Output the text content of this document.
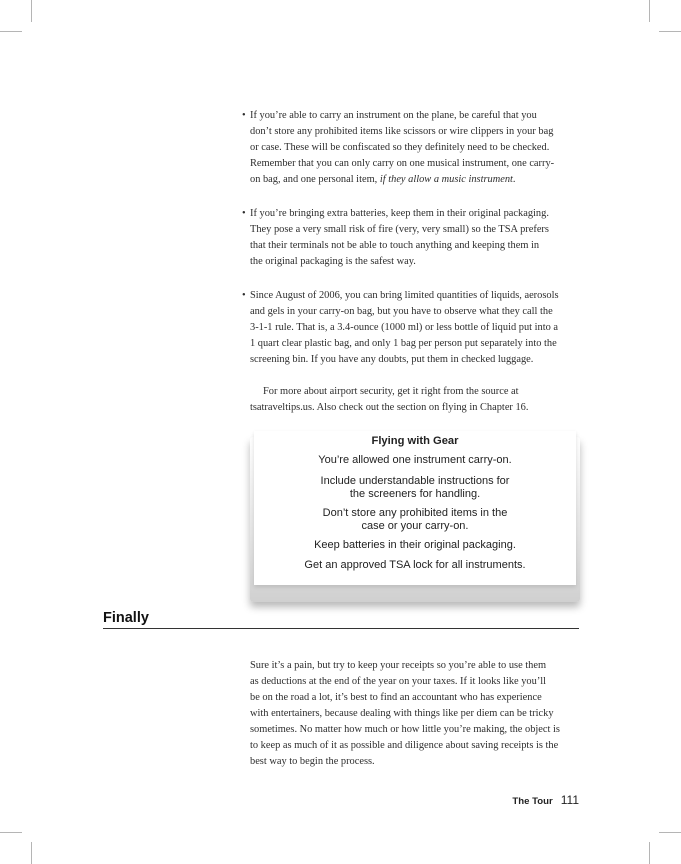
• If you’re able to carry an instrument on the plane, be careful that you
don’t store any prohibited items like scissors or wire clippers in your bag
or case. These will be confiscated so they definitely need to be checked.
Remember that you can only carry on one musical instrument, one carry-
on bag, and one personal item, if they allow a music instrument.
• If you’re bringing extra batteries, keep them in their original packaging.
They pose a very small risk of fire (very, very small) so the TSA prefers
that their terminals not be able to touch anything and keeping them in
the original packaging is the safest way.
• Since August of 2006, you can bring limited quantities of liquids, aerosols
and gels in your carry-on bag, but you have to observe what they call the
3-1-1 rule. That is, a 3.4-ounce (1000 ml) or less bottle of liquid put into a
1 quart clear plastic bag, and only 1 bag per person put separately into the
screening bin. If you have any doubts, put them in checked luggage.
For more about airport security, get it right from the source at
tsatraveltips.us. Also check out the section on flying in Chapter 16.
Flying with Gear
You’re allowed one instrument carry-on.
Include understandable instructions for
the screeners for handling.
Don’t store any prohibited items in the
case or your carry-on.
Keep batteries in their original packaging.
Get an approved TSA lock for all instruments.
Finally
Sure it’s a pain, but try to keep your receipts so you’re able to use them
as deductions at the end of the year on your taxes. If it looks like you’ll
be on the road a lot, it’s best to find an accountant who has experience
with entertainers, because dealing with things like per diem can be tricky
sometimes. No matter how much or how little you’re making, the object is
to keep as much of it as possible and diligence about saving receipts is the
best way to begin the process.
The Tour 111
